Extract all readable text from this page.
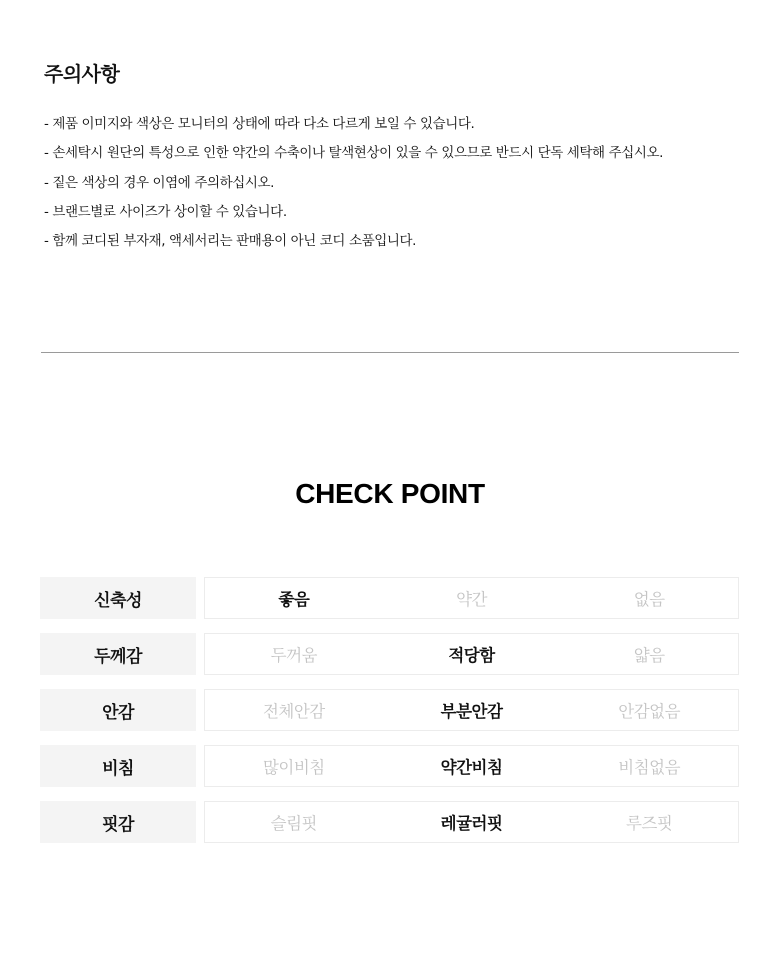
주의사항
- 제품 이미지와 색상은 모니터의 상태에 따라 다소 다르게 보일 수 있습니다.
- 손세탁시 원단의 특성으로 인한 약간의 수축이나 탈색현상이 있을 수 있으므로 반드시 단독 세탁해 주십시오.
- 짙은 색상의 경우 이염에 주의하십시오.
- 브랜드별로 사이즈가 상이할 수 있습니다.
- 함께 코디된 부자재, 액세서리는 판매용이 아닌 코디 소품입니다.
CHECK POINT
신축성	좋음	약간	없음
두께감	두꺼움	적당함	얇음
안감	전체안감	부분안감	안감없음
비침	많이비침	약간비침	비침없음
핏감	슬림핏	레귤러핏	루즈핏
